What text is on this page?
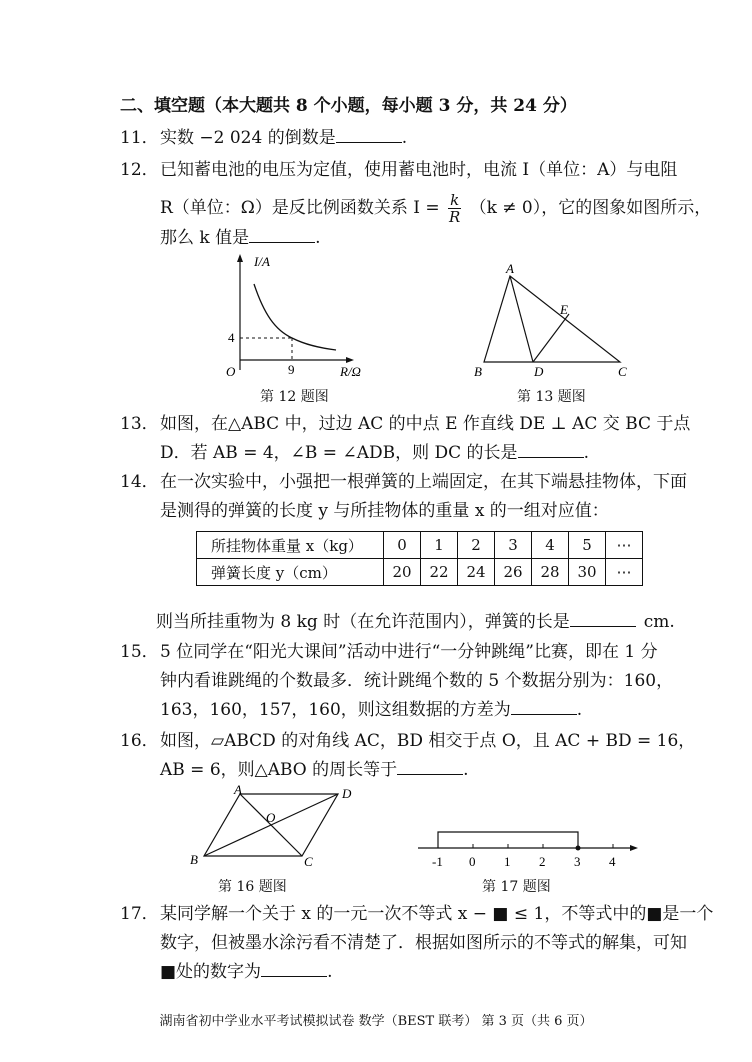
二、填空题（本大题共 8 个小题，每小题 3 分，共 24 分）
11．实数 −2 024 的倒数是	.
12．已知蓄电池的电压为定值，使用蓄电池时，电流 I（单位：A）与电阻
R（单位：Ω）是反比例函数关系 $I = \frac{k}{R} (k \ne 0)$，它的图象如图所示，
那么 k 值是	.
I/A
R/Ω
O
4
9
第 12 题图
A
B	C
D
E
第 13 题图
13．如图，在△ABC 中，过边 AC 的中点 E 作直线 DE ⊥ AC 交 BC 于点
D．若 AB = 4，∠B = ∠ADB，则 DC 的长是	.
14．在一次实验中，小强把一根弹簧的上端固定，在其下端悬挂物体，下面
是测得的弹簧的长度 y 与所挂物体的重量 x 的一组对应值：
所挂物体重量 x（kg）	0	1	2	3	4	5	⋯
弹簧长度 y（cm）	20	22	24	26	28	30	⋯
则当所挂重物为 8 kg 时（在允许范围内），弹簧的长是	cm.
15．5 位同学在“阳光大课间”活动中进行“一分钟跳绳”比赛，即在 1 分
钟内看谁跳绳的个数最多．统计跳绳个数的 5 个数据分别为：160，
163，160，157，160，则这组数据的方差为	.
16．如图，▱ABCD 的对角线 AC，BD 相交于点 O，且 AC + BD = 16，
AB = 6，则△ABO 的周长等于	.
A
B	C
D
O
第 16 题图
-1 0 1 2 3 4
第 17 题图
17．某同学解一个关于 x 的一元一次不等式 x − ■ ≤ 1，不等式中的■是一个
数字，但被墨水涂污看不清楚了．根据如图所示的不等式的解集，可知
■处的数字为	.
湖南省初中学业水平考试模拟试卷 数学（BEST 联考） 第 3 页（共 6 页）
